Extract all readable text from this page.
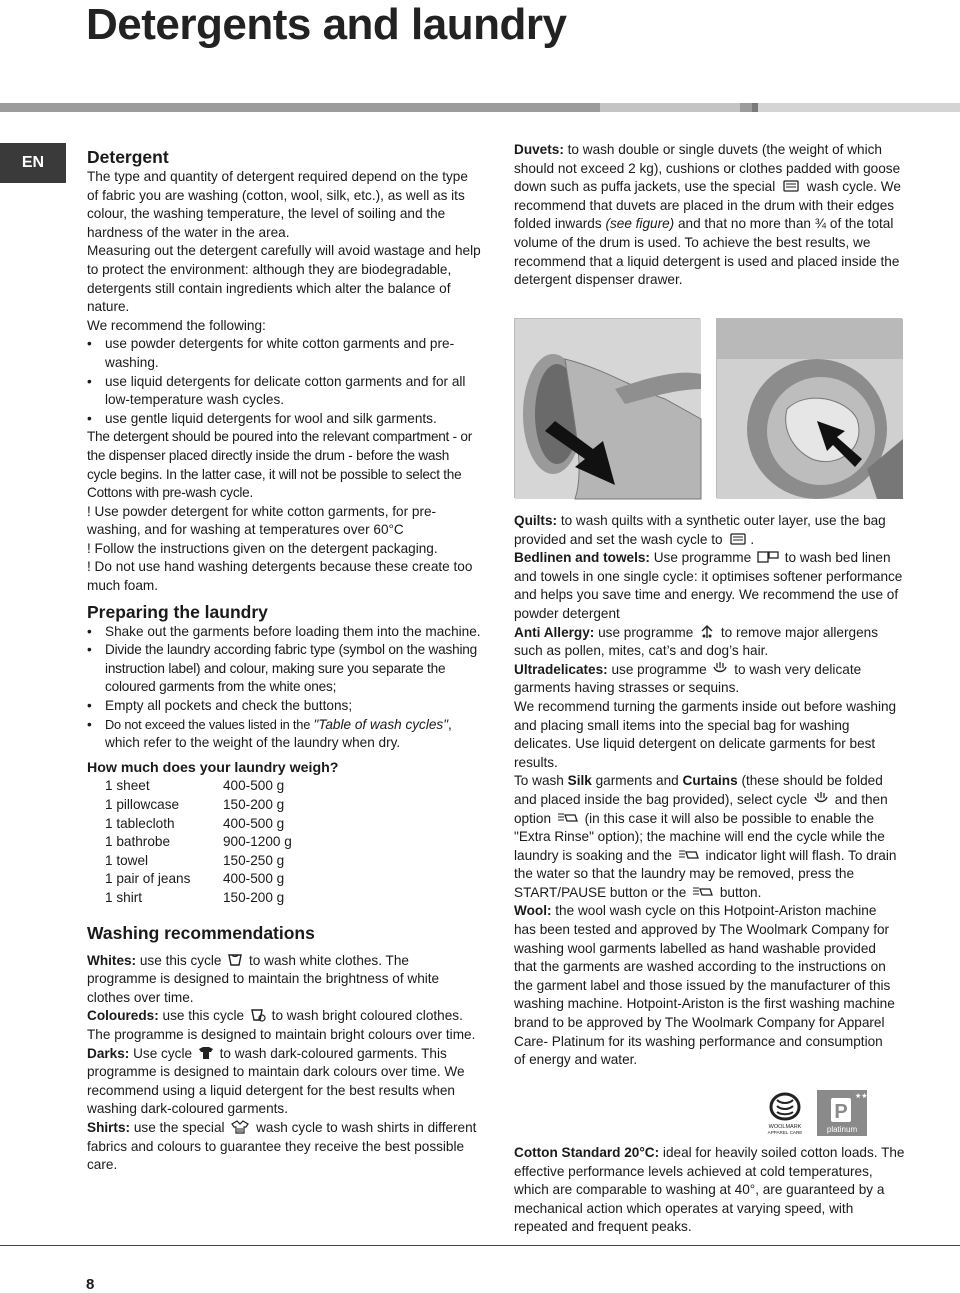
Detergents and laundry
EN	Detergent

The type and quantity of detergent required depend on the type of fabric you are washing (cotton, wool, silk, etc.), as well as its colour, the washing temperature, the level of soiling and the hardness of the water in the area.

Measuring out the detergent carefully will avoid wastage and help to protect the environment: although they are biodegradable, detergents still contain ingredients which alter the balance of nature.

We recommend the following:

• use powder detergents for white cotton garments and pre-washing.
• use liquid detergents for delicate cotton garments and for all low-temperature wash cycles.
• use gentle liquid detergents for wool and silk garments.

The detergent should be poured into the relevant compartment - or the dispenser placed directly inside the drum - before the wash cycle begins. In the latter case, it will not be possible to select the Cottons with pre-wash cycle.

! Use powder detergent for white cotton garments, for pre-washing, and for washing at temperatures over 60°C

! Follow the instructions given on the detergent packaging.

! Do not use hand washing detergents because these create too much foam.

Preparing the laundry
• Shake out the garments before loading them into the machine.
• Divide the laundry according fabric type (symbol on the washing instruction label) and colour, making sure you separate the coloured garments from the white ones;
• Empty all pockets and check the buttons;
• Do not exceed the values listed in the "Table of wash cycles", which refer to the weight of the laundry when dry.
How much does your laundry weigh?
1 sheet	400-500 g
1 pillowcase	150-200 g
1 tablecloth	400-500 g
1 bathrobe	900-1200 g
1 towel	150-250 g
1 pair of jeans	400-500 g
1 shirt	150-200 g
Washing recommendations

Whites: use this cycle  to wash white clothes. The programme is designed to maintain the brightness of white clothes over time.

Coloureds: use this cycle  to wash bright coloured clothes. The programme is designed to maintain bright colours over time.

Darks: Use cycle  to wash dark-coloured garments. This programme is designed to maintain dark colours over time. We recommend using a liquid detergent for the best results when washing dark-coloured garments.

Shirts: use the special  wash cycle to wash shirts in different fabrics and colours to guarantee they receive the best possible care.

Duvets: to wash double or single duvets (the weight of which should not exceed 2 kg), cushions or clothes padded with goose down such as puffa jackets, use the special  wash cycle. We recommend that duvets are placed in the drum with their edges folded inwards (see figure) and that no more than ¾ of the total volume of the drum is used. To achieve the best results, we recommend that a liquid detergent is used and placed inside the detergent dispenser drawer.

Quilts: to wash quilts with a synthetic outer layer, use the bag provided and set the wash cycle to .

Bedlinen and towels: Use programme  to wash bed linen and towels in one single cycle: it optimises softener performance and helps you save time and energy. We recommend the use of powder detergent

Anti Allergy: use programme  to remove major allergens such as pollen, mites, cat’s and dog’s hair.

Ultradelicates: use programme  to wash very delicate garments having strasses or sequins.

We recommend turning the garments inside out before washing and placing small items into the special bag for washing delicates. Use liquid detergent on delicate garments for best results.

To wash Silk garments and Curtains (these should be folded and placed inside the bag provided), select cycle  and then option  (in this case it will also be possible to enable the "Extra Rinse" option); the machine will end the cycle while the laundry is soaking and the  indicator light will flash. To drain the water so that the laundry may be removed, press the START/PAUSE button or the  button.

Wool: the wool wash cycle on this Hotpoint-Ariston machine has been tested and approved by The Woolmark Company for washing wool garments labelled as hand washable provided that the garments are washed according to the instructions on the garment label and those issued by the manufacturer of this washing machine. Hotpoint-Ariston is the first washing machine brand to be approved by The Woolmark Company for Apparel Care- Platinum for its washing performance and consumption of energy and water.

WOOLMARK
APPAREL CARE

★★★
P
platinum

Cotton Standard 20°C: ideal for heavily soiled cotton loads. The effective performance levels achieved at cold temperatures, which are comparable to washing at 40°, are guaranteed by a mechanical action which operates at varying speed, with repeated and frequent peaks.

8
